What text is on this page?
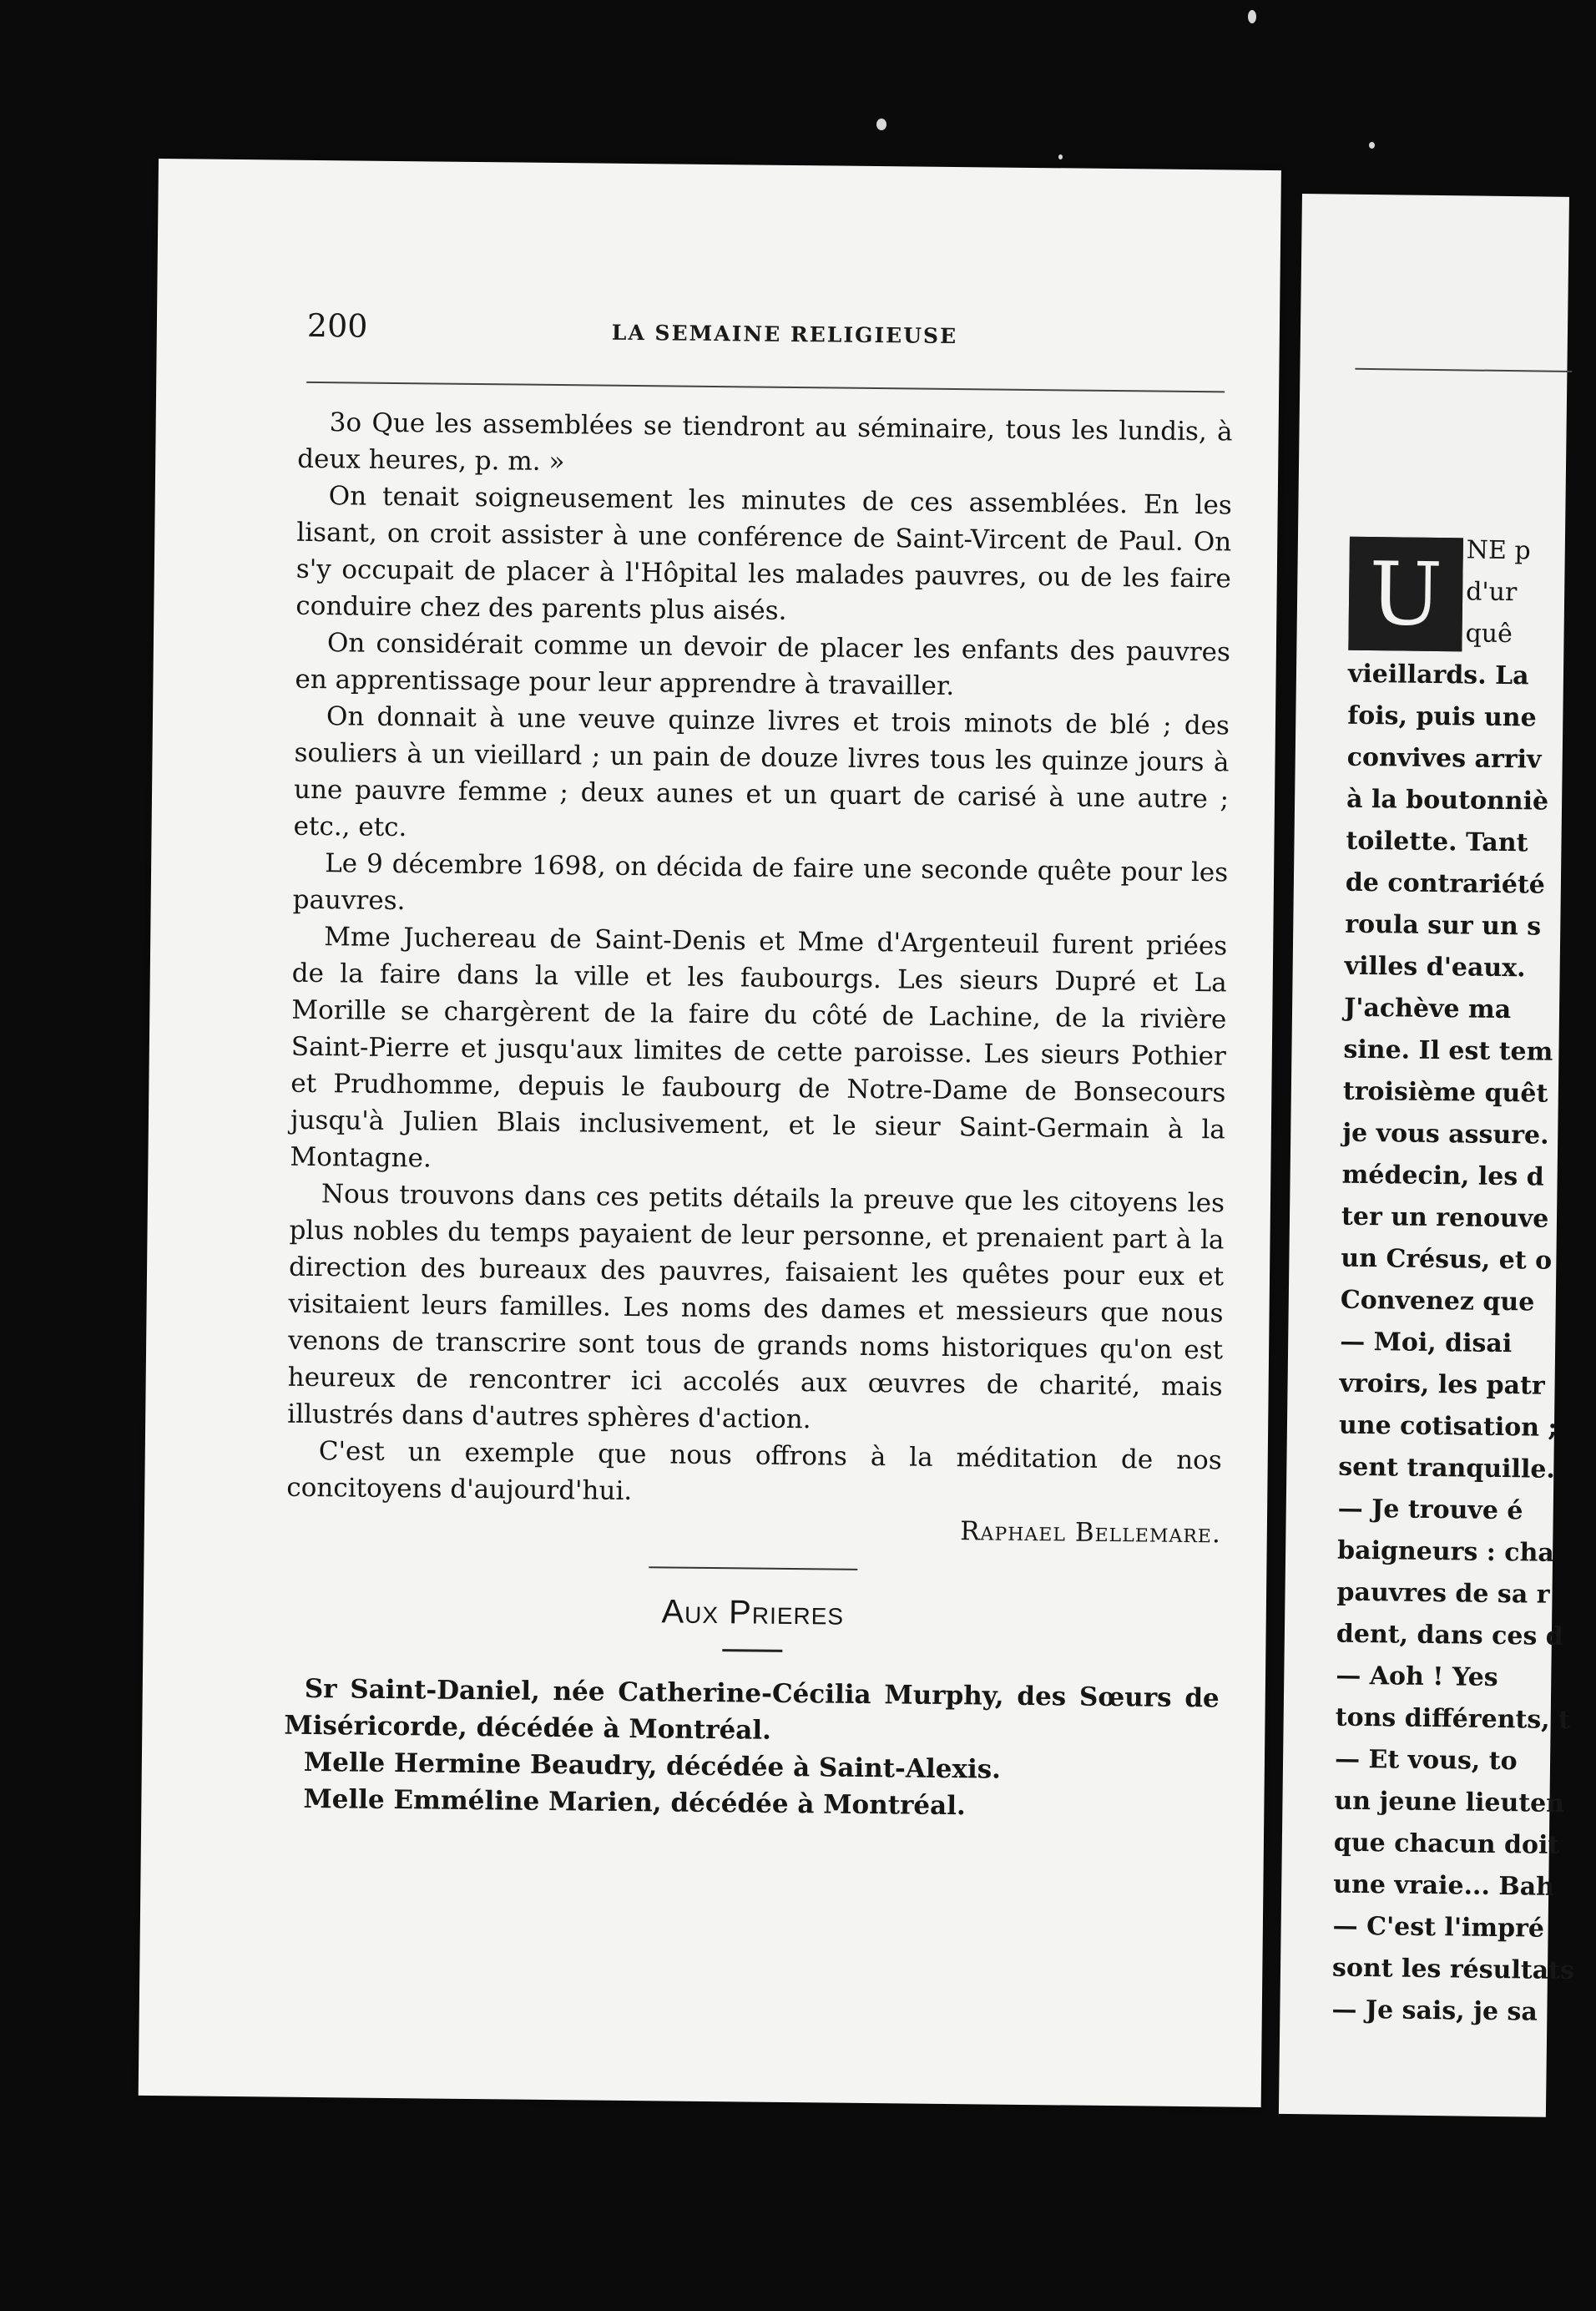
200	LA SEMAINE RELIGIEUSE

3o Que les assemblées se tiendront au séminaire, tous les lundis, à deux heures, p. m. »

On tenait soigneusement les minutes de ces assemblées. En les lisant, on croit assister à une conférence de Saint-Vircent de Paul. On s'y occupait de placer à l'Hôpital les malades pauvres, ou de les faire conduire chez des parents plus aisés.

On considérait comme un devoir de placer les enfants des pauvres en apprentissage pour leur apprendre à travailler.

On donnait à une veuve quinze livres et trois minots de blé ; des souliers à un vieillard ; un pain de douze livres tous les quinze jours à une pauvre femme ; deux aunes et un quart de carisé à une autre ; etc., etc.

Le 9 décembre 1698, on décida de faire une seconde quête pour les pauvres.

Mme Juchereau de Saint-Denis et Mme d'Argenteuil furent priées de la faire dans la ville et les faubourgs. Les sieurs Dupré et La Morille se chargèrent de la faire du côté de Lachine, de la rivière Saint-Pierre et jusqu'aux limites de cette paroisse. Les sieurs Pothier et Prudhomme, depuis le faubourg de Notre-Dame de Bonsecours jusqu'à Julien Blais inclusivement, et le sieur Saint-Germain à la Montagne.

Nous trouvons dans ces petits détails la preuve que les citoyens les plus nobles du temps payaient de leur personne, et prenaient part à la direction des bureaux des pauvres, faisaient les quêtes pour eux et visitaient leurs familles. Les noms des dames et messieurs que nous venons de transcrire sont tous de grands noms historiques qu'on est heureux de rencontrer ici accolés aux œuvres de charité, mais illustrés dans d'autres sphères d'action.

C'est un exemple que nous offrons à la méditation de nos concitoyens d'aujourd'hui.

Raphael Bellemare.

Aux Prieres

Sr Saint-Daniel, née Catherine-Cécilia Murphy, des Sœurs de Miséricorde, décédée à Montréal.

Melle Hermine Beaudry, décédée à Saint-Alexis.

Melle Emméline Marien, décédée à Montréal.

U NE p

d'ur

quê

vieillards. La

fois, puis une

convives arriv

à la boutonniè

toilette. Tant

de contrariété

roula sur un s

villes d'eaux.

J'achève ma

sine. Il est tem

troisième quêt

je vous assure.

médecin, les d

ter un renouve

un Crésus, et o

Convenez que

— Moi, disai

vroirs, les patr

une cotisation ;

sent tranquille.

— Je trouve é

baigneurs : cha

pauvres de sa r

dent, dans ces d

— Aoh ! Yes

tons différents, t

— Et vous, to

un jeune lieuten

que chacun doit

une vraie... Bah

— C'est l'impré

sont les résultats

— Je sais, je sa
